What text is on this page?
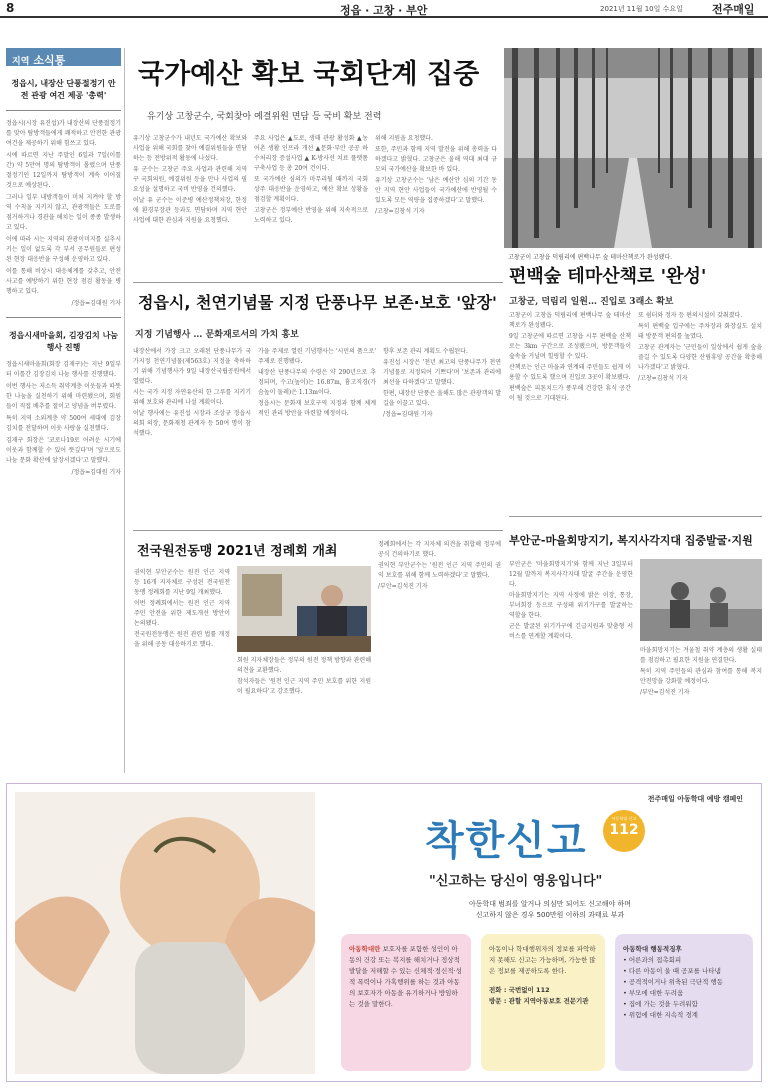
8	정읍 · 고창 · 부안	2021년 11월 10일 수요일	전주매일
지역 소식통
정읍시, 내장산 단풍절정기 안전 관광 여건 제공 '총력'

정읍시(시장 유진섭)가 내장산의 단풍절정기를 맞아 탐방객들에게 쾌적하고 안전한 관광 여건을 제공하기 위해 힘쓰고 있다.

시에 따르면 지난 주말인 6일과 7일(이틀 간) 약 5만여 명의 탐방객이 몰렸으며 단풍절정기인 12일까지 탐방객이 계속 이어질 것으로 예상된다.

그러나 일부 내방객들이 미처 지켜야 할 방역 수칙을 지키지 않고, 관광객들은 도로를 점거하거나 경관을 해치는 일이 종종 발생하고 있다.

이에 따라 시는 지역의 관광이미지를 실추시키는 일이 없도록 각 부서 공무원들로 편성된 현장 대응반을 구성해 운영하고 있다.

이를 통해 비상시 대응체계를 갖추고, 안전사고를 예방하기 위한 현장 점검 활동을 병행하고 있다.

/정읍=김대원 기자

정읍시새마을회, 김장김치 나눔 행사 진행

정읍시새마을회(회장 김재구)는 지난 9일부터 이틀간 김장김치 나눔 행사를 진행했다.

이번 행사는 저소득 취약계층 이웃들과 따뜻한 나눔을 실천하기 위해 마련됐으며, 회원들이 직접 배추를 절이고 양념을 버무렸다.

특히 지역 소외계층 약 500여 세대에 김장김치를 전달하며 이웃 사랑을 실천했다.

김재구 회장은 '코로나19로 어려운 시기에 이웃과 함께할 수 있어 뜻깊다'며 '앞으로도 나눔 문화 확산에 앞장서겠다'고 말했다.

/정읍=김대원 기자

국가예산 확보 국회단계 집중
유기상 고창군수, 국회찾아 예결위원 면담 등 국비 확보 전력

유기상 고창군수가 내년도 국가예산 확보와 사업을 위해 국회를 찾아 예결위원들을 면담하는 등 전방위적 활동에 나섰다.

유 군수는 고창군 주요 사업과 관련해 지역구 국회의원, 예결위원 등을 만나 사업의 필요성을 설명하고 국비 반영을 건의했다.

이날 유 군수는 이준병 예산정책처장, 한정애 환경부장관 등과도 면담하며 지역 현안 사업에 대한 관심과 지원을 요청했다.

주요 사업은 ▲도로, 생태 관광 활성화 ▲농어촌 생활 인프라 개선 ▲문화·부안 공공 하수처리장 증설사업 ▲ K-방사선 치료 플랫폼 구축사업 등 총 20여 건이다.

또 국가예산 심의가 마무리될 때까지 국회 상주 대응반을 운영하고, 예산 확보 상황을 점검할 계획이다.

고창군은 정부예산 반영을 위해 지속적으로 노력하고 있다.

위해 지원을 요청했다.

또한, 주민과 함께 지역 발전을 위해 총력을 다하겠다고 밝혔다. 고창군은 올해 역대 최대 규모의 국가예산을 확보한 바 있다.

유기상 고창군수는 '남은 예산안 심의 기간 동안 지역 현안 사업들이 국가예산에 반영될 수 있도록 모든 역량을 집중하겠다'고 말했다.

/고창=김창석 기자

고창군이 고창읍 덕림리에 편백나무 숲 테마산책로가 완성됐다.
정읍시, 천연기념물 지정 단풍나무 보존·보호 '앞장'
지정 기념행사 … 문화재로서의 가치 홍보

내장산에서 가장 크고 오래된 단풍나무가 국가지정 천연기념물(제563호) 지정을 축하하기 위해 기념행사가 9일 내장산국립공원에서 열렸다.

시는 국가 지정 자연유산의 한 그루를 지키기 위해 보호와 관리에 나설 계획이다.

이날 행사에는 유진섭 시장과 조상규 정읍시의회 의장, 문화재청 관계자 등 50여 명이 참석했다.

가을 주제로 열린 기념행사는 '시민의 품으로' 주제로 진행됐다.

내장산 단풍나무의 수령은 약 290년으로 추정되며, 수고(높이)는 16.87m, 흉고직경(가슴높이 둘레)은 1.13m이다.

정읍시는 문화재 보호구역 지정과 함께 체계적인 관리 방안을 마련할 예정이다.

향후 보존 관리 계획도 수립된다.

유진섭 시장은 '천년 최고의 단풍나무가 천연기념물로 지정되어 기쁘다'며 '보존과 관리에 최선을 다하겠다'고 말했다.

한편, 내장산 단풍은 올해도 많은 관광객의 발길을 이끌고 있다.

/정읍=김대원 기자

편백숲 테마산책로 '완성'
고창군, 덕림리 일원… 진입로 3래소 확보

고창군이 고창읍 덕림리에 편백나무 숲 테마산책로가 완성됐다.

9일 고창군에 따르면 고창읍 시무 편백숲 산책로는 3km 구간으로 조성됐으며, 방문객들이 숲속을 거닐며 힐링할 수 있다.

산책로는 인근 마을과 연계돼 주민들도 쉽게 이용할 수 있도록 했으며 진입로 3곳이 확보됐다.

편백숲은 피톤치드가 풍부해 건강한 휴식 공간이 될 것으로 기대된다.

또 쉼터와 정자 등 편의시설이 갖춰졌다.

특히 편백숲 입구에는 주차장과 화장실도 설치돼 방문객 편의를 높였다.

고창군 관계자는 '군민들이 일상에서 쉽게 숲을 즐길 수 있도록 다양한 산림휴양 공간을 확충해 나가겠다'고 밝혔다.

/고창=김창석 기자

전국원전동맹 2021년 정례회 개최

권익현 부안군수는 원전 인근 지역 등 16개 지자체로 구성된 전국원전동맹 정례회를 지난 9일 개최했다.

이번 정례회에서는 원전 인근 지역 주민 안전을 위한 제도개선 방안이 논의됐다.

전국원전동맹은 원전 관련 법률 개정을 위해 공동 대응하기로 했다.

회원 지자체장들은 정부의 원전 정책 방향과 관련해 의견을 교환했다.

참석자들은 '원전 인근 지역 주민 보호를 위한 지원이 필요하다'고 강조했다.

정례회에서는 각 지자체 의견을 취합해 정부에 공식 건의하기로 했다.

권익현 부안군수는 '원전 인근 지역 주민의 권익 보호를 위해 함께 노력하겠다'고 말했다.

/부안=김석진 기자

부안군-마을회망지기, 복지사각지대 집중발굴·지원

부안군은 '마을회망지기'와 함께 지난 3일부터 12월 말까지 복지사각지대 발굴 주간을 운영한다.

마을회망지기는 지역 사정에 밝은 이장, 통장, 부녀회장 등으로 구성돼 위기가구를 발굴하는 역할을 한다.

군은 발굴된 위기가구에 긴급지원과 맞춤형 서비스를 연계할 계획이다.

마을회망지기는 겨울철 취약 계층의 생활 실태를 점검하고 필요한 지원을 연결한다.

특히 지역 주민들의 관심과 참여를 통해 복지 안전망을 강화할 예정이다.

/부안=김석진 기자

전주매일 아동학대 예방 캠페인
착한신고	아동학대 신고
112
"신고하는 당신이 영웅입니다"
아동학대 범죄를 알거나 의심만 되어도 신고해야 하며
신고하지 않은 경우 500만원 이하의 과태료 부과
아동학대란 보호자를 포함한 성인이 아동의 건강 또는 복지를 해치거나 정상적 발달을 저해할 수 있는 신체적·정신적·성적 폭력이나 가혹행위를 하는 것과 아동의 보호자가 아동을 유기하거나 방임하는 것을 말한다.
아동이나 학대행위자의 정보를 파악하지 못해도 신고는 가능하며, 가능한 많은 정보를 제공하도록 한다.
전화 : 국번없이 112
방문 : 관할 지역아동보호 전문기관
아동학대 행동적징후
• 어른과의 접촉회피
• 다른 아동이 울 때 공포를 나타냄
• 공격적이거나 위축된 극단적 행동
• 부모에 대한 두려움
• 집에 가는 것을 두려워함
• 위험에 대한 지속적 경계
